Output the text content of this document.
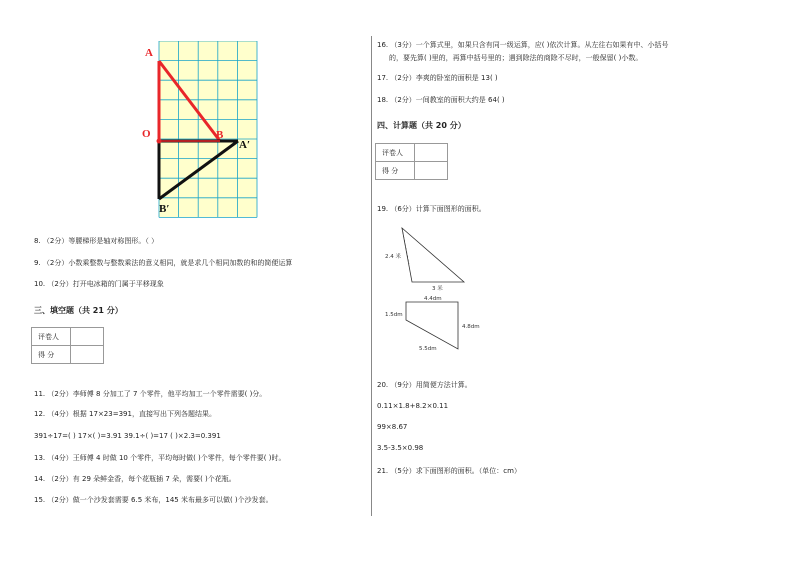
A
O	B
A′
B′
8. （2分）等腰梯形是轴对称图形。（ ）
9. （2分）小数乘整数与整数乘法的意义相同，就是求几个相同加数的和的简便运算
10. （2分）打开电冰箱的门属于平移现象
三、填空题（共 21 分）
评卷人	
得 分	
11. （2分）李师傅 8 分加工了 7 个零件，他平均加工一个零件需要( )分。
12. （4分）根据 17×23=391，直接写出下列各题结果。
391÷17=( ) 17×( )=3.91 39.1÷( )=17 ( )×2.3=0.391
13. （4分）王师傅 4 时做 10 个零件，平均每时做( )个零件，每个零件要( )时。
14. （2分）有 29 朵鲜金香，每个花瓶插 7 朵，需要( )个花瓶。
15. （2分）做一个沙发套需要 6.5 米布，145 米布最多可以做( )个沙发套。
16. （3分）一个算式里，如果只含有同一级运算，应( )依次计算。从左往右如果有中、小括号
的，要先算( )里的，再算中括号里的；遇到除法的商除不尽时，一般保留( )小数。
17. （2分）李爽的卧室的面积是 13( )
18. （2分）一间教室的面积大约是 64( )
四、计算题（共 20 分）
评卷人	
得 分	
19. （6分）计算下面图形的面积。
2.4 米
3 米
4.4dm
1.5dm
4.8dm
5.5dm
20. （9分）用简便方法计算。
0.11×1.8+8.2×0.11
99×8.67
3.5-3.5×0.98
21. （5分）求下面图形的面积。（单位：cm）
